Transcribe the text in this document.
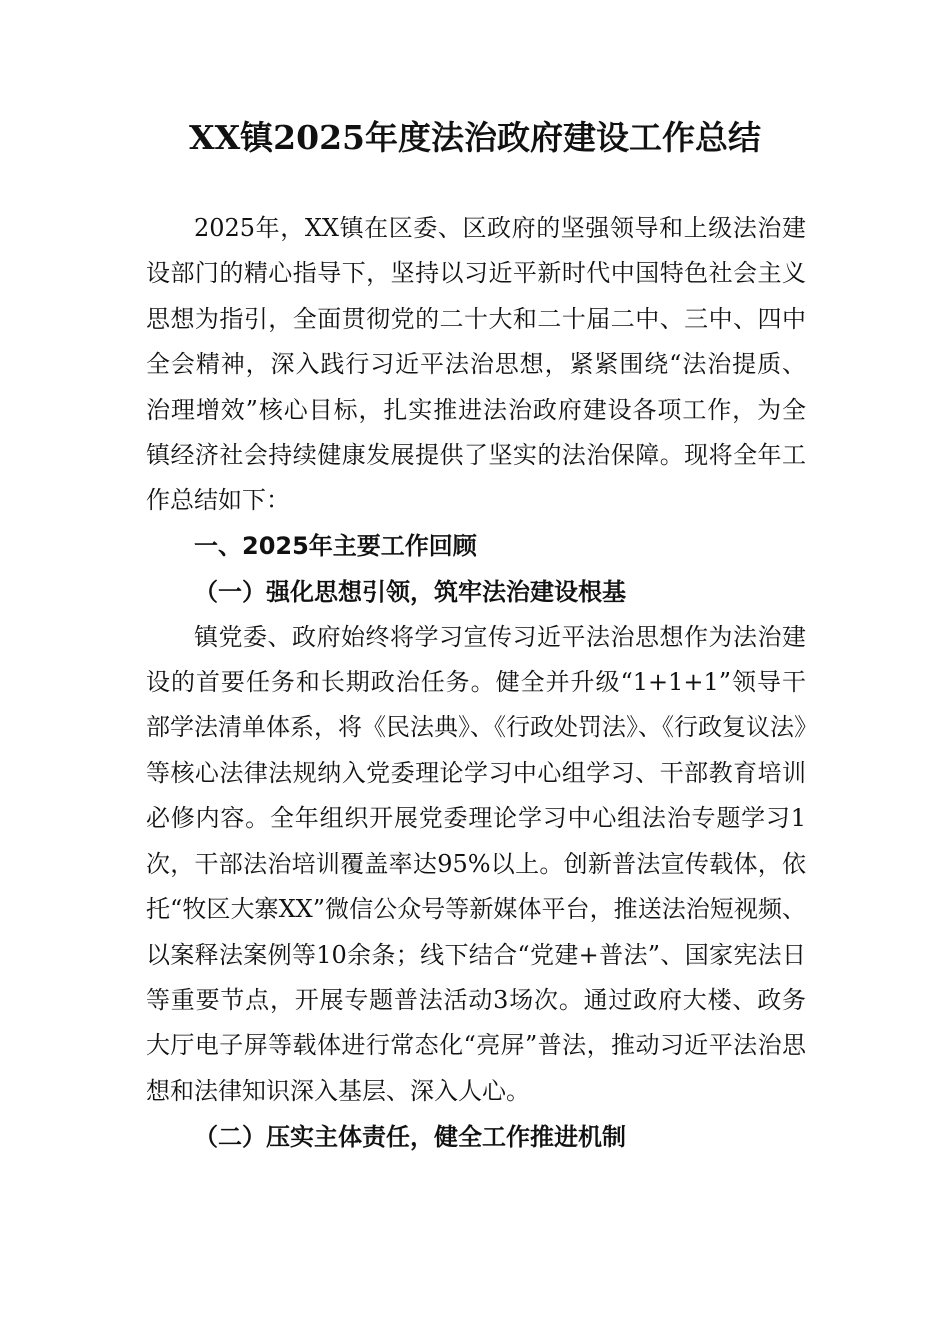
XX镇2025年度法治政府建设工作总结

2025年，XX镇在区委、区政府的坚强领导和上级法治建设部门的精心指导下，坚持以习近平新时代中国特色社会主义思想为指引，全面贯彻党的二十大和二十届二中、三中、四中全会精神，深入践行习近平法治思想，紧紧围绕“法治提质、治理增效”核心目标，扎实推进法治政府建设各项工作，为全镇经济社会持续健康发展提供了坚实的法治保障。现将全年工作总结如下：

一、2025年主要工作回顾

（一）强化思想引领，筑牢法治建设根基

镇党委、政府始终将学习宣传习近平法治思想作为法治建设的首要任务和长期政治任务。健全并升级“1+1+1”领导干部学法清单体系，将《民法典》、《行政处罚法》、《行政复议法》等核心法律法规纳入党委理论学习中心组学习、干部教育培训必修内容。全年组织开展党委理论学习中心组法治专题学习1次，干部法治培训覆盖率达95%以上。创新普法宣传载体，依托“牧区大寨XX”微信公众号等新媒体平台，推送法治短视频、以案释法案例等10余条；线下结合“党建+普法”、国家宪法日等重要节点，开展专题普法活动3场次。通过政府大楼、政务大厅电子屏等载体进行常态化“亮屏”普法，推动习近平法治思想和法律知识深入基层、深入人心。

（二）压实主体责任，健全工作推进机制
